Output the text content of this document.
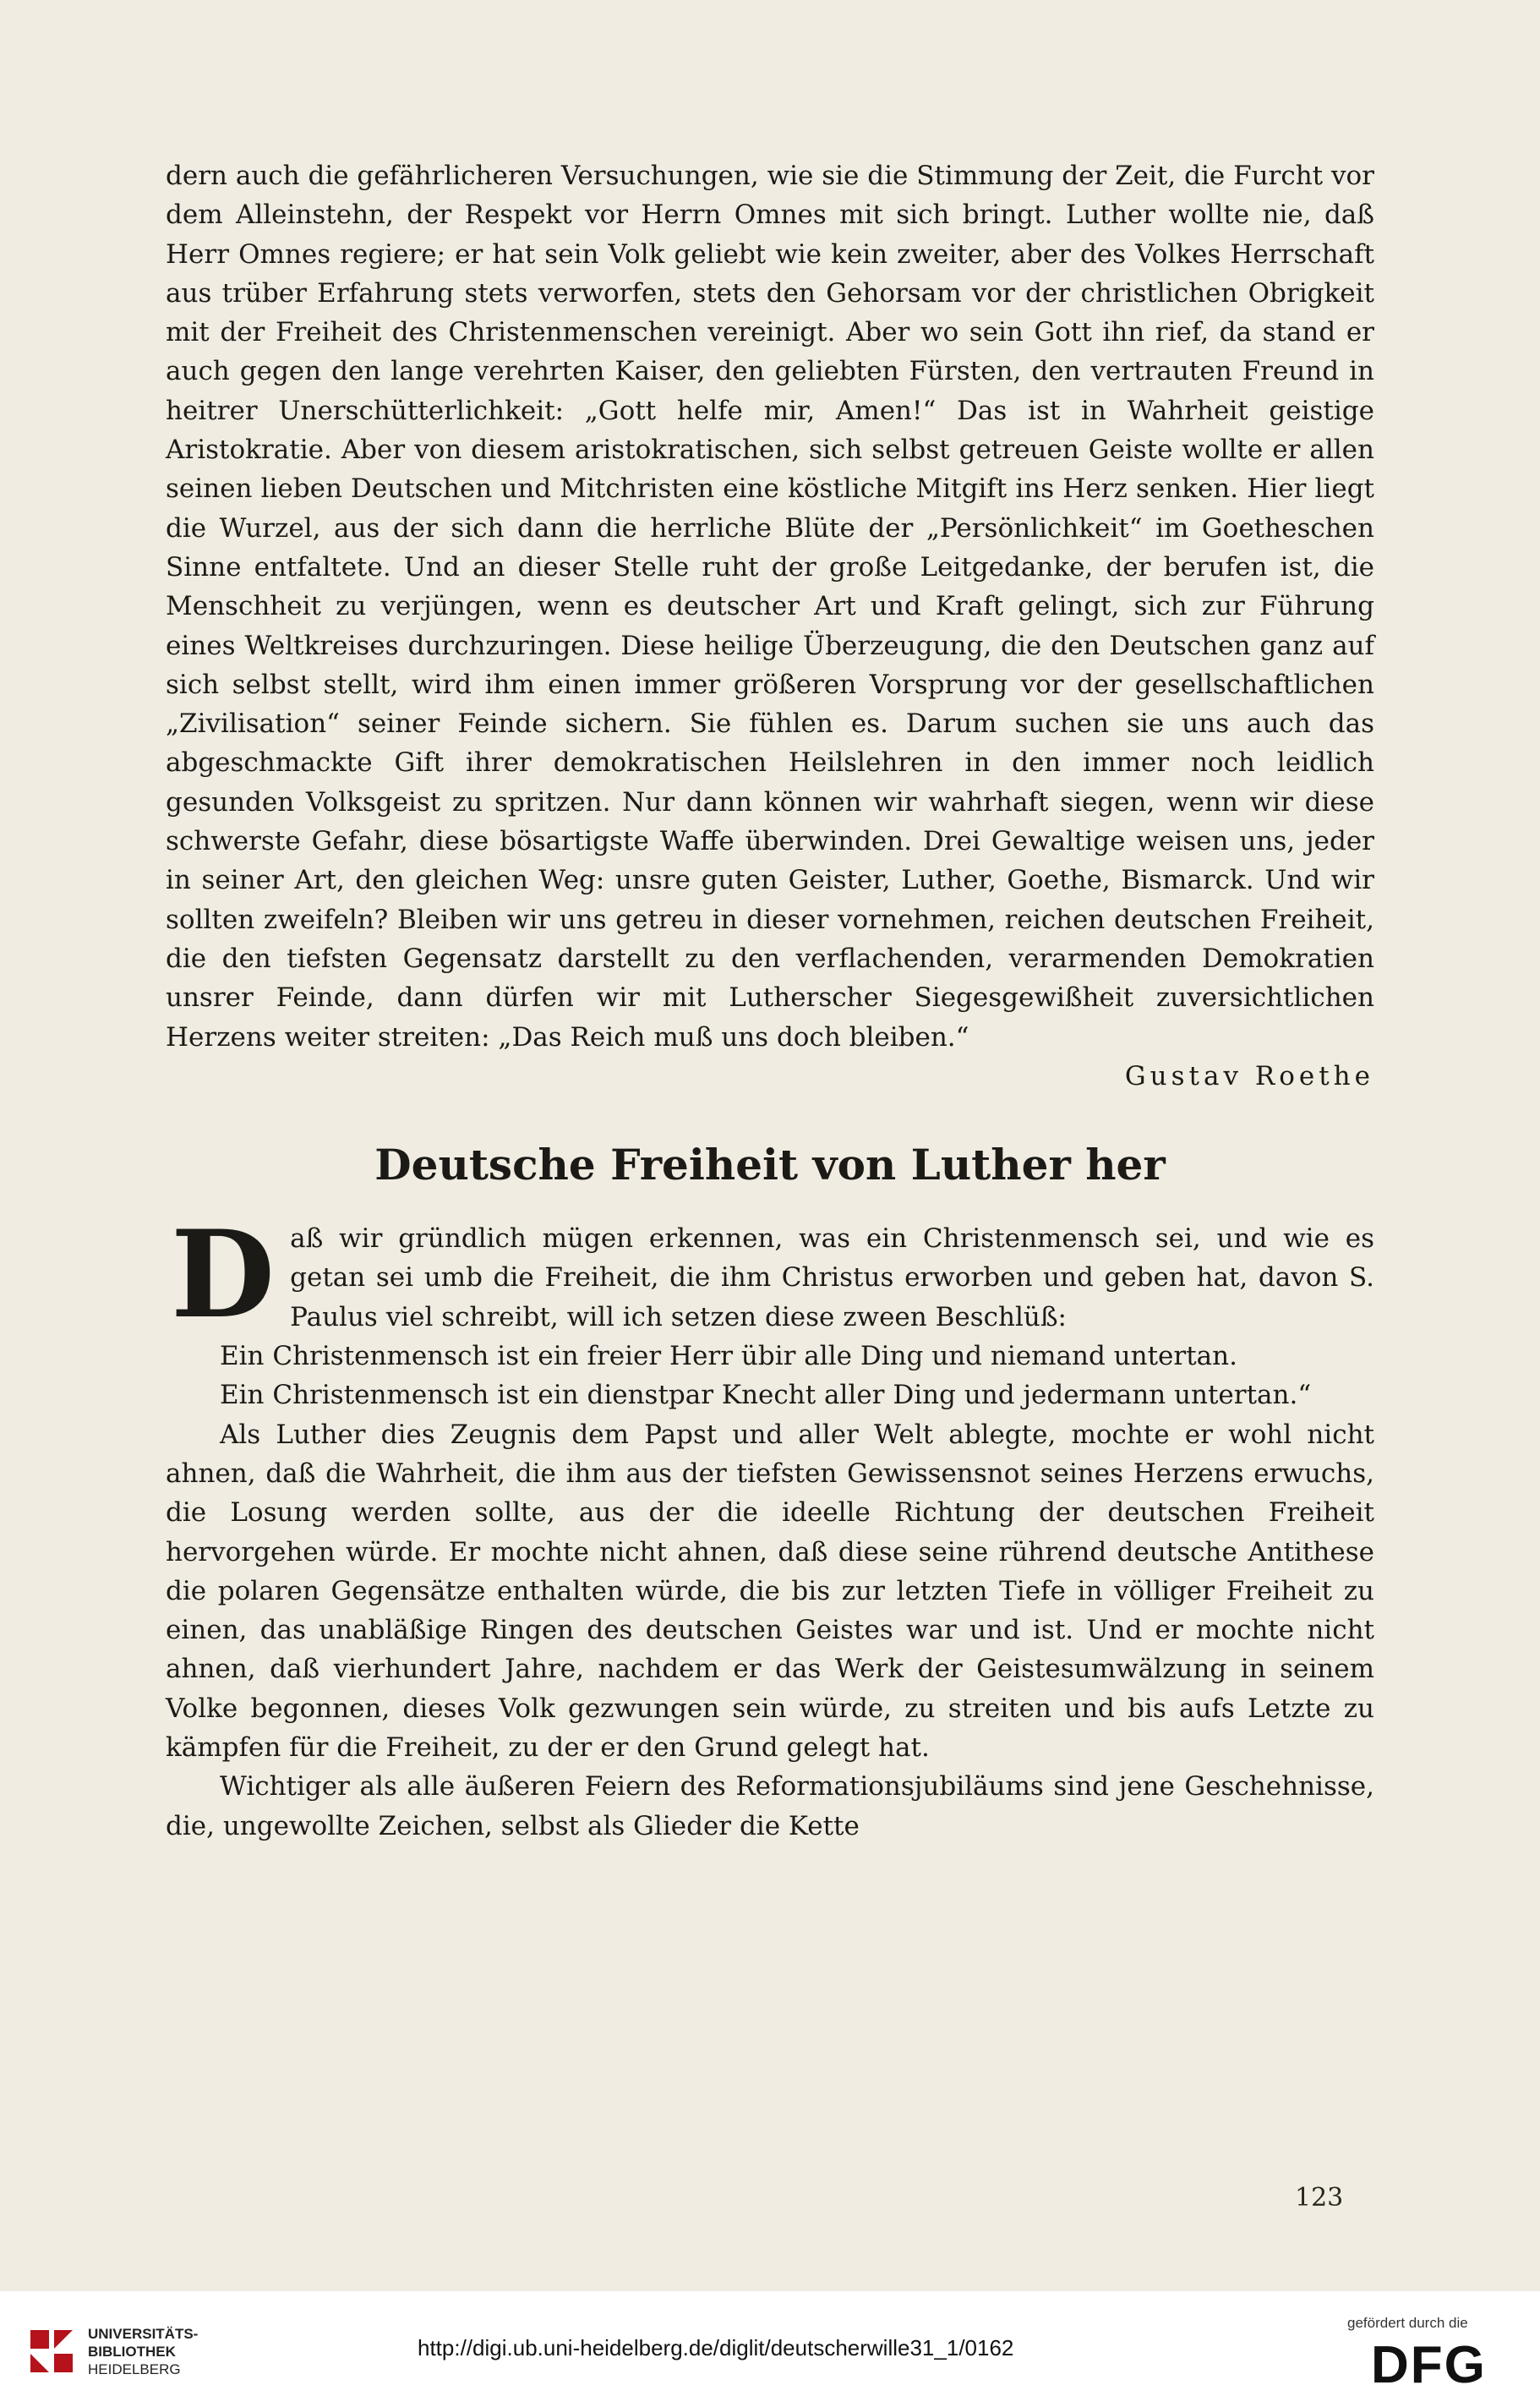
dern auch die gefährlicheren Versuchungen, wie sie die Stimmung der Zeit, die Furcht vor dem Alleinstehn, der Respekt vor Herrn Omnes mit sich bringt. Luther wollte nie, daß Herr Omnes regiere; er hat sein Volk geliebt wie kein zweiter, aber des Volkes Herrschaft aus trüber Erfahrung stets verworfen, stets den Gehorsam vor der christlichen Obrigkeit mit der Freiheit des Christenmenschen vereinigt. Aber wo sein Gott ihn rief, da stand er auch gegen den lange verehrten Kaiser, den geliebten Fürsten, den vertrauten Freund in heitrer Unerschütterlichkeit: „Gott helfe mir, Amen!“ Das ist in Wahrheit geistige Aristokratie. Aber von diesem aristokratischen, sich selbst getreuen Geiste wollte er allen seinen lieben Deutschen und Mitchristen eine köstliche Mitgift ins Herz senken. Hier liegt die Wurzel, aus der sich dann die herrliche Blüte der „Persönlichkeit“ im Goetheschen Sinne entfaltete. Und an dieser Stelle ruht der große Leitgedanke, der berufen ist, die Menschheit zu verjüngen, wenn es deutscher Art und Kraft gelingt, sich zur Führung eines Weltkreises durchzuringen. Diese heilige Überzeugung, die den Deutschen ganz auf sich selbst stellt, wird ihm einen immer größeren Vorsprung vor der gesellschaftlichen „Zivilisation“ seiner Feinde sichern. Sie fühlen es. Darum suchen sie uns auch das abgeschmackte Gift ihrer demokratischen Heilslehren in den immer noch leidlich gesunden Volksgeist zu spritzen. Nur dann können wir wahrhaft siegen, wenn wir diese schwerste Gefahr, diese bösartigste Waffe überwinden. Drei Gewaltige weisen uns, jeder in seiner Art, den gleichen Weg: unsre guten Geister, Luther, Goethe, Bismarck. Und wir sollten zweifeln? Bleiben wir uns getreu in dieser vornehmen, reichen deutschen Freiheit, die den tiefsten Gegensatz darstellt zu den verflachenden, verarmenden Demokratien unsrer Feinde, dann dürfen wir mit Lutherscher Siegesgewißheit zuversichtlichen Herzens weiter streiten: „Das Reich muß uns doch bleiben.“

Gustav Roethe

Deutsche Freiheit von Luther her

Daß wir gründlich mügen erkennen, was ein Christenmensch sei, und wie es getan sei umb die Freiheit, die ihm Christus erworben und geben hat, davon S. Paulus viel schreibt, will ich setzen diese zween Beschlüß:

Ein Christenmensch ist ein freier Herr übir alle Ding und niemand untertan.

Ein Christenmensch ist ein dienstpar Knecht aller Ding und jedermann untertan.“

Als Luther dies Zeugnis dem Papst und aller Welt ablegte, mochte er wohl nicht ahnen, daß die Wahrheit, die ihm aus der tiefsten Gewissensnot seines Herzens erwuchs, die Losung werden sollte, aus der die ideelle Richtung der deutschen Freiheit hervorgehen würde. Er mochte nicht ahnen, daß diese seine rührend deutsche Antithese die polaren Gegensätze enthalten würde, die bis zur letzten Tiefe in völliger Freiheit zu einen, das unabläßige Ringen des deutschen Geistes war und ist. Und er mochte nicht ahnen, daß vierhundert Jahre, nachdem er das Werk der Geistesumwälzung in seinem Volke begonnen, dieses Volk gezwungen sein würde, zu streiten und bis aufs Letzte zu kämpfen für die Freiheit, zu der er den Grund gelegt hat.

Wichtiger als alle äußeren Feiern des Reformationsjubiläums sind jene Geschehnisse, die, ungewollte Zeichen, selbst als Glieder die Kette

123
UNIVERSITÄTS-
BIBLIOTHEK
HEIDELBERG
http://digi.ub.uni-heidelberg.de/diglit/deutscherwille31_1/0162
gefördert durch die
DFG
